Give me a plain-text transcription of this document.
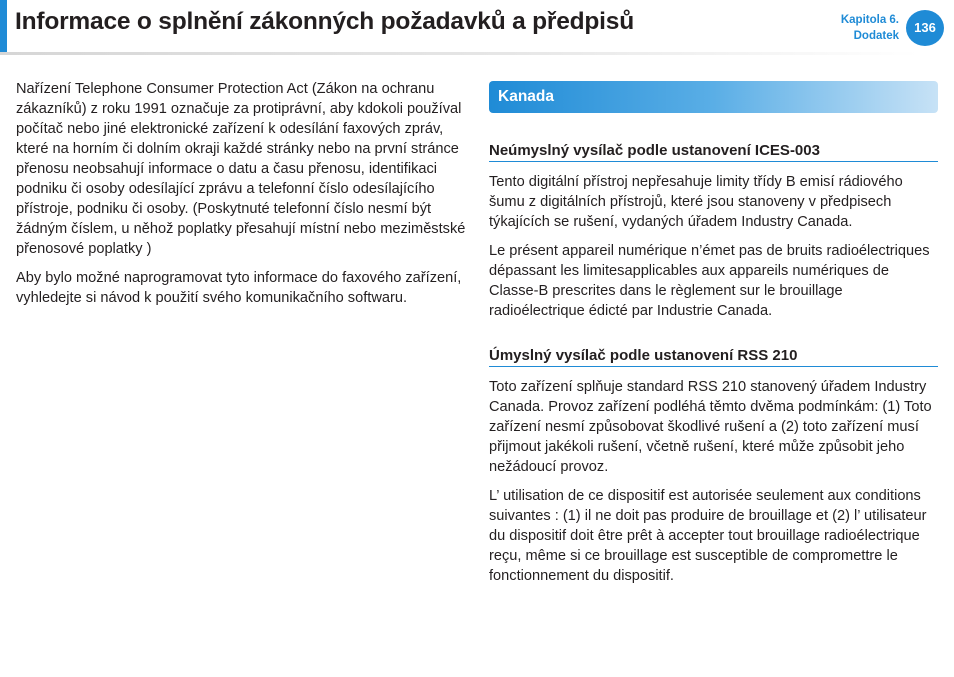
Informace o splnění zákonných požadavků a předpisů	Kapitola 6.
Dodatek
136

Nařízení Telephone Consumer Protection Act (Zákon na ochranu zákazníků) z roku 1991 označuje za protiprávní, aby kdokoli používal počítač nebo jiné elektronické zařízení k odesílání faxových zpráv, které na horním či dolním okraji každé stránky nebo na první stránce přenosu neobsahují informace o datu a času přenosu, identifikaci podniku či osoby odesílající zprávu a telefonní číslo odesílajícího přístroje, podniku či osoby. (Poskytnuté telefonní číslo nesmí být žádným číslem, u něhož poplatky přesahují místní nebo meziměstské přenosové poplatky )

Aby bylo možné naprogramovat tyto informace do faxového zařízení, vyhledejte si návod k použití svého komunikačního softwaru.

Kanada
Neúmyslný vysílač podle ustanovení ICES-003

Tento digitální přístroj nepřesahuje limity třídy B emisí rádiového šumu z digitálních přístrojů, které jsou stanoveny v předpisech týkajících se rušení, vydaných úřadem Industry Canada.

Le présent appareil numérique n’émet pas de bruits radioélectriques dépassant les limitesapplicables aux appareils numériques de Classe-B prescrites dans le règlement sur le brouillage radioélectrique édicté par Industrie Canada.

Úmyslný vysílač podle ustanovení RSS 210

Toto zařízení splňuje standard RSS 210 stanovený úřadem Industry Canada. Provoz zařízení podléhá těmto dvěma podmínkám: (1) Toto zařízení nesmí způsobovat škodlivé rušení a (2) toto zařízení musí přijmout jakékoli rušení, včetně rušení, které může způsobit jeho nežádoucí provoz.

L’ utilisation de ce dispositif est autorisée seulement aux conditions suivantes : (1) il ne doit pas produire de brouillage et (2) l’ utilisateur du dispositif doit être prêt à accepter tout brouillage radioélectrique reçu, même si ce brouillage est susceptible de compromettre le fonctionnement du dispositif.
